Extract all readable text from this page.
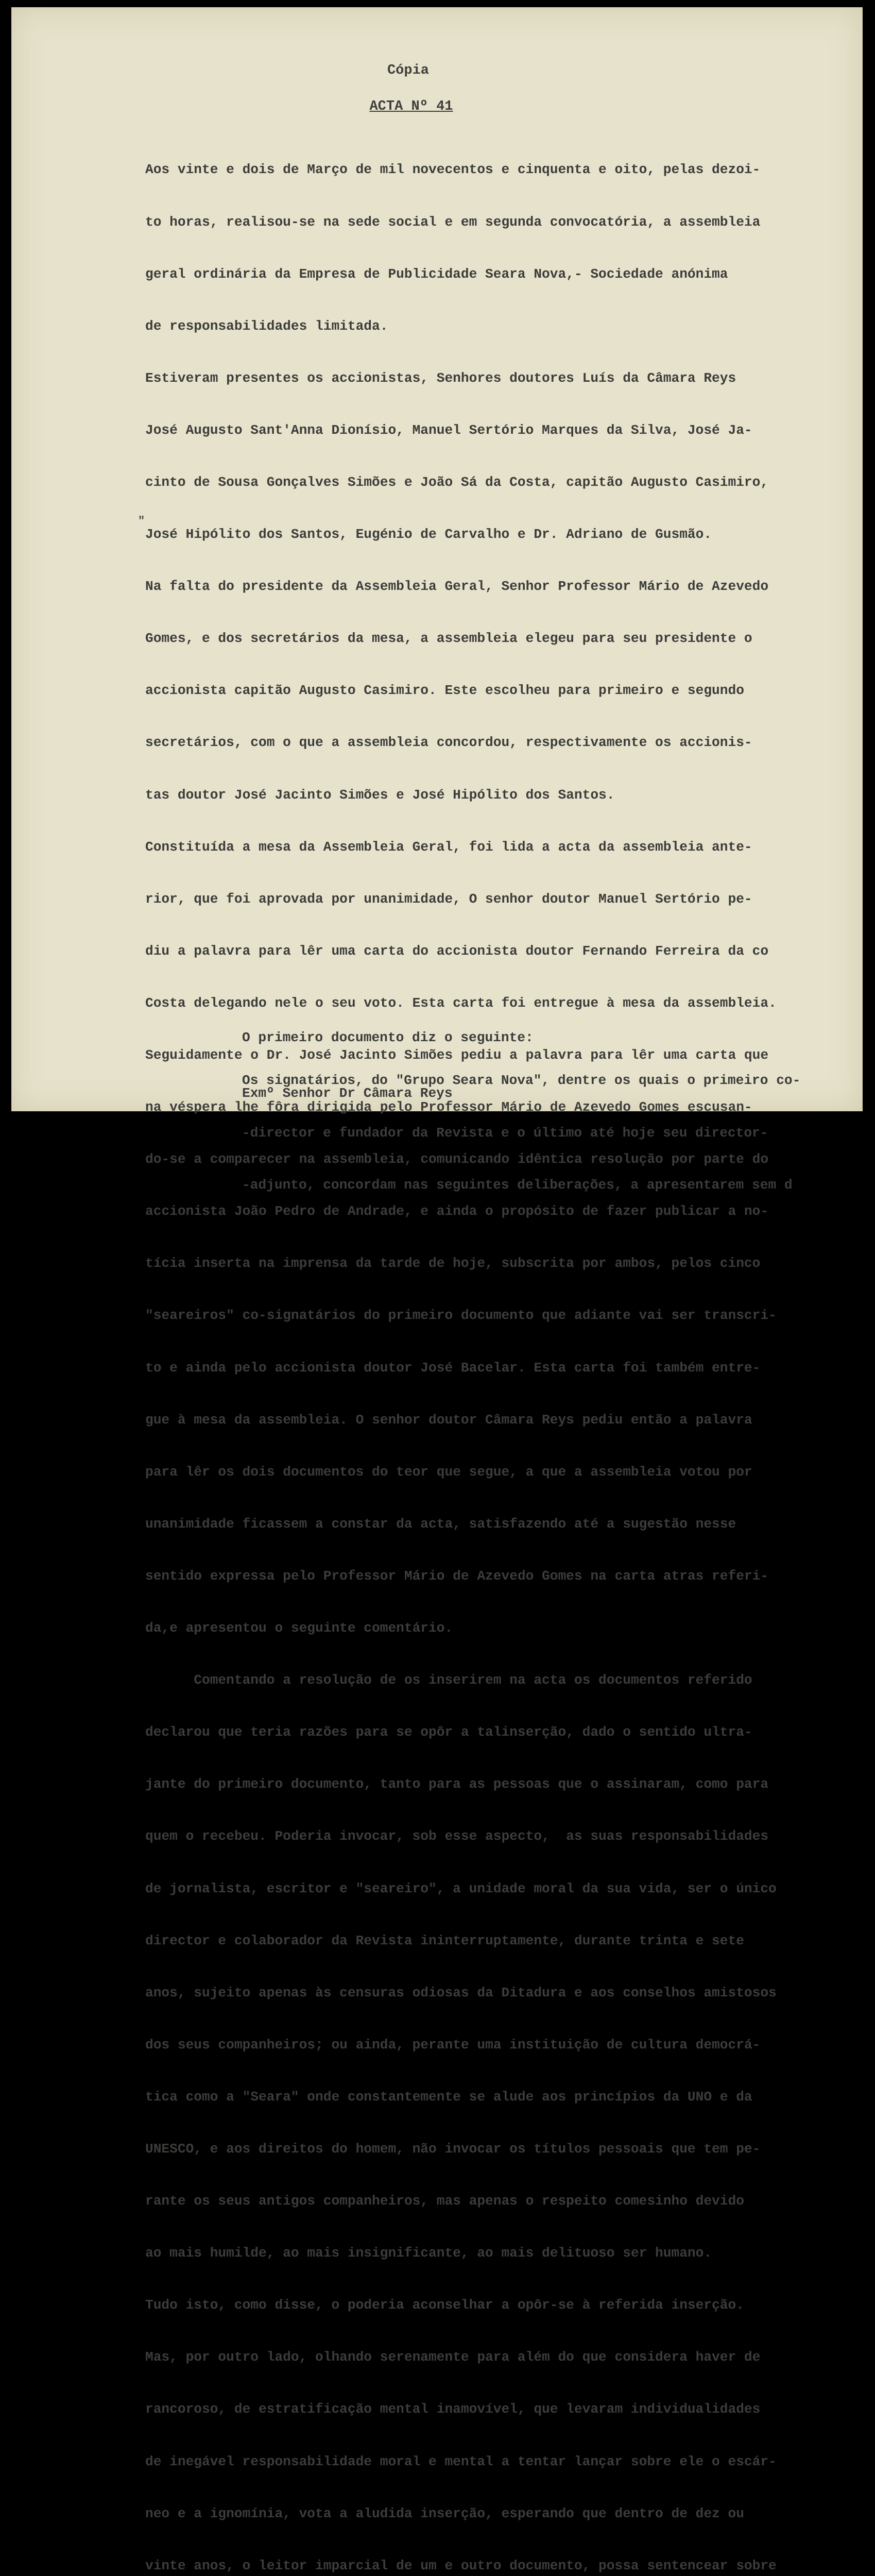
Cópia
ACTA Nº 41
"

Aos vinte e dois de Março de mil novecentos e cinquenta e oito, pelas dezoi-

to horas, realisou-se na sede social e em segunda convocatória, a assembleia

geral ordinária da Empresa de Publicidade Seara Nova,- Sociedade anónima

de responsabilidades limitada.

Estiveram presentes os accionistas, Senhores doutores Luís da Câmara Reys

José Augusto Sant'Anna Dionísio, Manuel Sertório Marques da Silva, José Ja-

cinto de Sousa Gonçalves Simões e João Sá da Costa, capitão Augusto Casimiro,

José Hipólito dos Santos, Eugénio de Carvalho e Dr. Adriano de Gusmão.

Na falta do presidente da Assembleia Geral, Senhor Professor Mário de Azevedo

Gomes, e dos secretários da mesa, a assembleia elegeu para seu presidente o

accionista capitão Augusto Casimiro. Este escolheu para primeiro e segundo

secretários, com o que a assembleia concordou, respectivamente os accionis-

tas doutor José Jacinto Simões e José Hipólito dos Santos.

Constituída a mesa da Assembleia Geral, foi lida a acta da assembleia ante-

rior, que foi aprovada por unanimidade, O senhor doutor Manuel Sertório pe-

diu a palavra para lêr uma carta do accionista doutor Fernando Ferreira da co

Costa delegando nele o seu voto. Esta carta foi entregue à mesa da assembleia.

Seguidamente o Dr. José Jacinto Simões pediu a palavra para lêr uma carta que

na véspera lhe fôra dirigida pelo Professor Mário de Azevedo Gomes escusan-

do-se a comparecer na assembleia, comunicando idêntica resolução por parte do

accionista João Pedro de Andrade, e ainda o propósito de fazer publicar a no-

tícia inserta na imprensa da tarde de hoje, subscrita por ambos, pelos cinco

"seareiros" co-signatários do primeiro documento que adiante vai ser transcri-

to e ainda pelo accionista doutor José Bacelar. Esta carta foi também entre-

gue à mesa da assembleia. O senhor doutor Câmara Reys pediu então a palavra

para lêr os dois documentos do teor que segue, a que a assembleia votou por

unanimidade ficassem a constar da acta, satisfazendo até a sugestão nesse

sentido expressa pelo Professor Mário de Azevedo Gomes na carta atras referi-

da,e apresentou o seguinte comentário.

Comentando a resolução de os inserirem na acta os documentos referido

declarou que teria razões para se opôr a talinserção, dado o sentido ultra-

jante do primeiro documento, tanto para as pessoas que o assinaram, como para

quem o recebeu. Poderia invocar, sob esse aspecto,  as suas responsabilidades

de jornalista, escritor e "seareiro", a unidade moral da sua vida, ser o único

director e colaborador da Revista ininterruptamente, durante trinta e sete

anos, sujeito apenas às censuras odiosas da Ditadura e aos conselhos amistosos

dos seus companheiros; ou ainda, perante uma instituição de cultura democrá-

tica como a "Seara" onde constantemente se alude aos princípios da UNO e da

UNESCO, e aos direitos do homem, não invocar os títulos pessoais que tem pe-

rante os seus antigos companheiros, mas apenas o respeito comesinho devido

ao mais humilde, ao mais insignificante, ao mais delituoso ser humano.

Tudo isto, como disse, o poderia aconselhar a opôr-se à referida inserção.

Mas, por outro lado, olhando serenamente para além do que considera haver de

rancoroso, de estratificação mental inamovível, que levaram individualidades

de inegável responsabilidade moral e mental a tentar lançar sobre ele o escár-

neo e a ignomínia, vota a aludida inserção, esperando que dentro de dez ou

vinte anos, o leitor imparcial de um e outro documento, possa sentencear sobre

O primeiro documento diz o seguinte:

Exmº Senhor Dr Câmara Reys

Os signatários, do "Grupo Seara Nova", dentre os quais o primeiro co-

-director e fundador da Revista e o último até hoje seu director-

-adjunto, concordam nas seguintes deliberações, a apresentarem sem d
